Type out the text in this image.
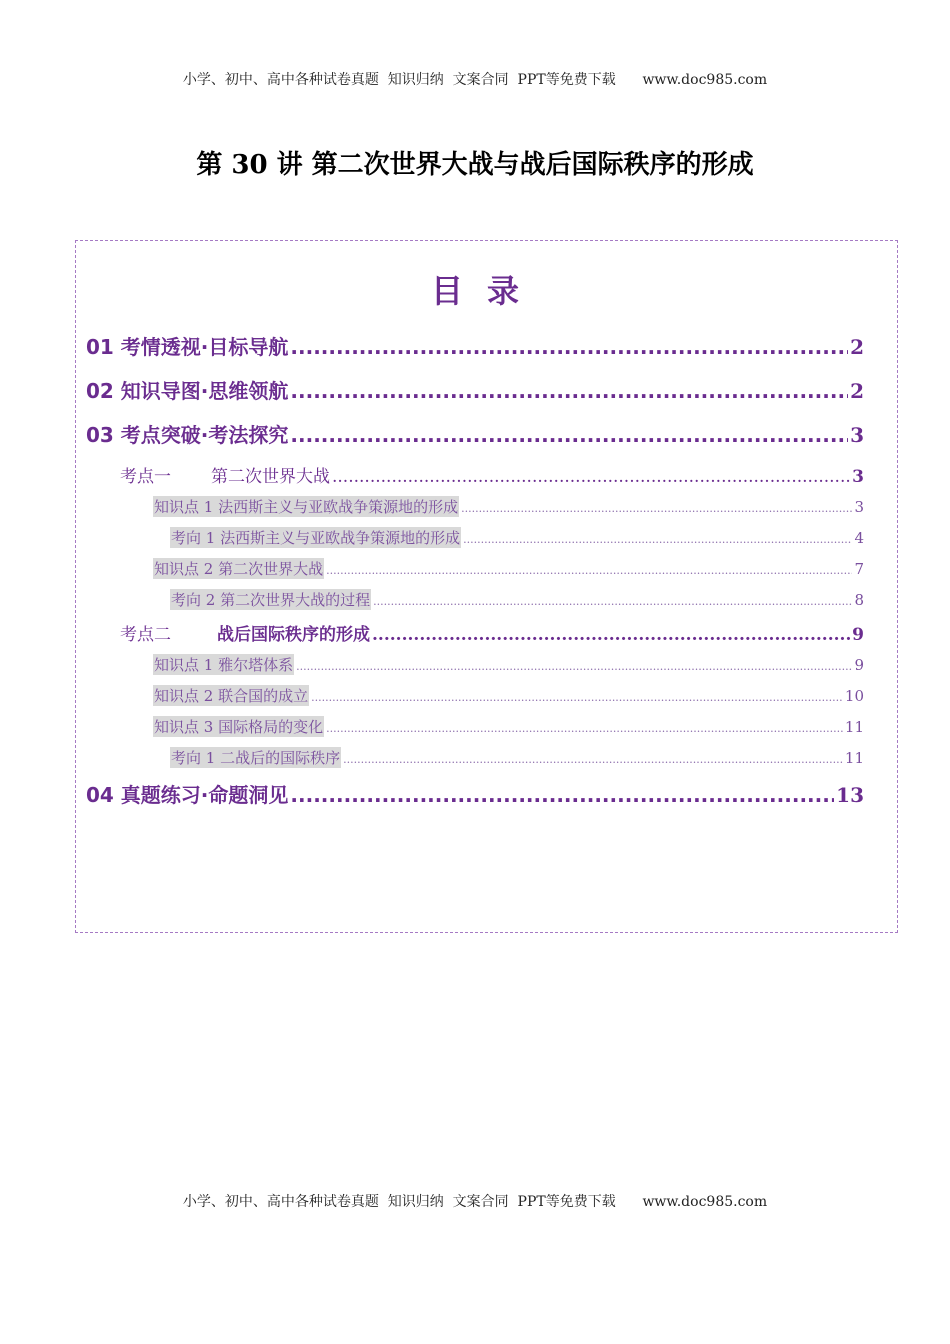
小学、初中、高中各种试卷真题  知识归纳  文案合同  PPT等免费下载      www.doc985.com
第 30 讲 第二次世界大战与战后国际秩序的形成
目录
01 考情透视·目标导航 .....	2
02 知识导图·思维领航 .....	2
03 考点突破·考法探究 .....	3
考点一 第二次世界大战 .....	3
知识点 1 法西斯主义与亚欧战争策源地的形成 .....	3
考向 1 法西斯主义与亚欧战争策源地的形成 .....	4
知识点 2 第二次世界大战 .....	7
考向 2 第二次世界大战的过程 .....	8
考点二	战后国际秩序的形成 .....	9
知识点 1 雅尔塔体系 .....	9
知识点 2 联合国的成立 .....	10
知识点 3 国际格局的变化 .....	11
考向 1 二战后的国际秩序 .....	11
04 真题练习·命题洞见 .....	13
小学、初中、高中各种试卷真题  知识归纳  文案合同  PPT等免费下载      www.doc985.com
